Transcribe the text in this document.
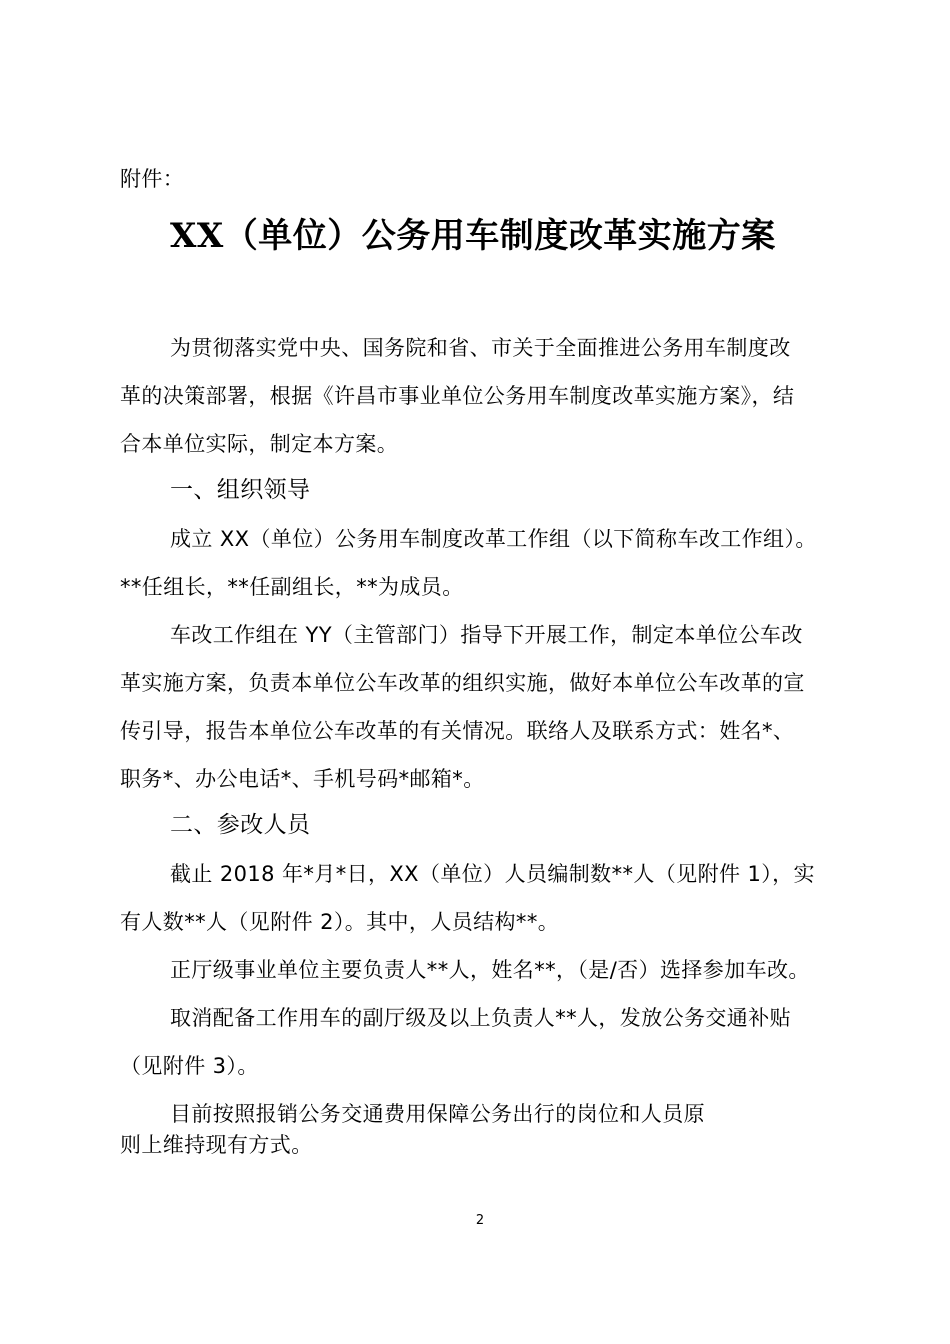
附件：

XX（单位）公务用车制度改革实施方案

为贯彻落实党中央、国务院和省、市关于全面推进公务用车制度改

革的决策部署，根据《许昌市事业单位公务用车制度改革实施方案》，结

合本单位实际，制定本方案。

一、组织领导

成立 XX（单位）公务用车制度改革工作组（以下简称车改工作组）。

**任组长，**任副组长，**为成员。

车改工作组在 YY（主管部门）指导下开展工作，制定本单位公车改

革实施方案，负责本单位公车改革的组织实施，做好本单位公车改革的宣

传引导，报告本单位公车改革的有关情况。联络人及联系方式：姓名*、

职务*、办公电话*、手机号码*邮箱*。

二、参改人员

截止 2018 年*月*日，XX（单位）人员编制数**人（见附件 1），实

有人数**人（见附件 2）。其中，人员结构**。

正厅级事业单位主要负责人**人，姓名**，（是/否）选择参加车改。

取消配备工作用车的副厅级及以上负责人**人，发放公务交通补贴

（见附件 3）。

目前按照报销公务交通费用保障公务出行的岗位和人员原

则上维持现有方式。

2
